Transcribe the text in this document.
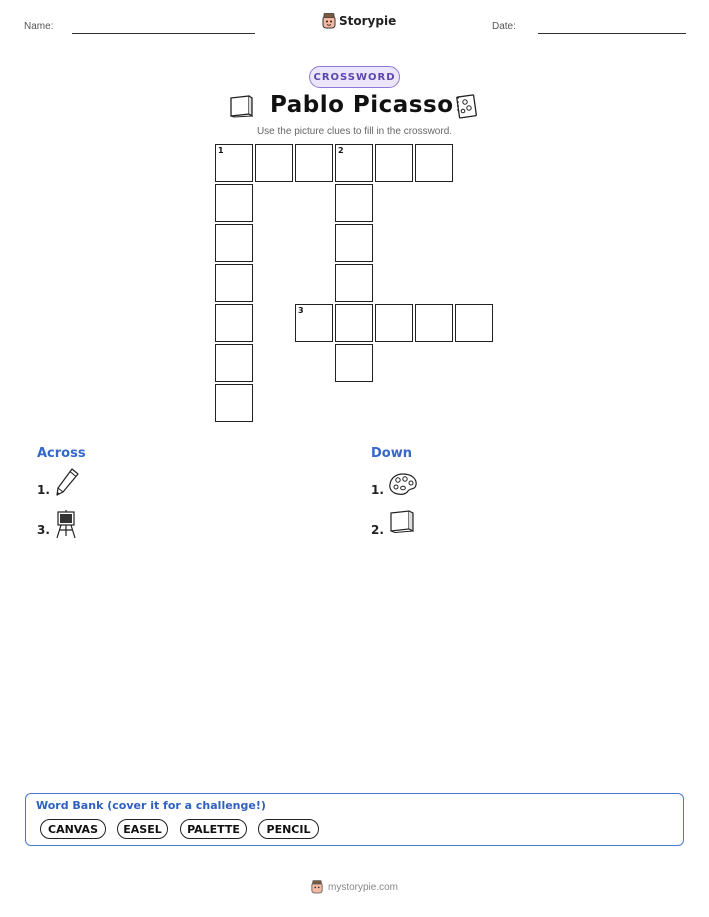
Name:	Storypie	Date:
CROSSWORD
Pablo Picasso
Use the picture clues to fill in the crossword.
1	2
3
Across
1.
3.
Down
1.
2.
Word Bank (cover it for a challenge!)
CANVAS	EASEL	PALETTE	PENCIL
mystorypie.com
